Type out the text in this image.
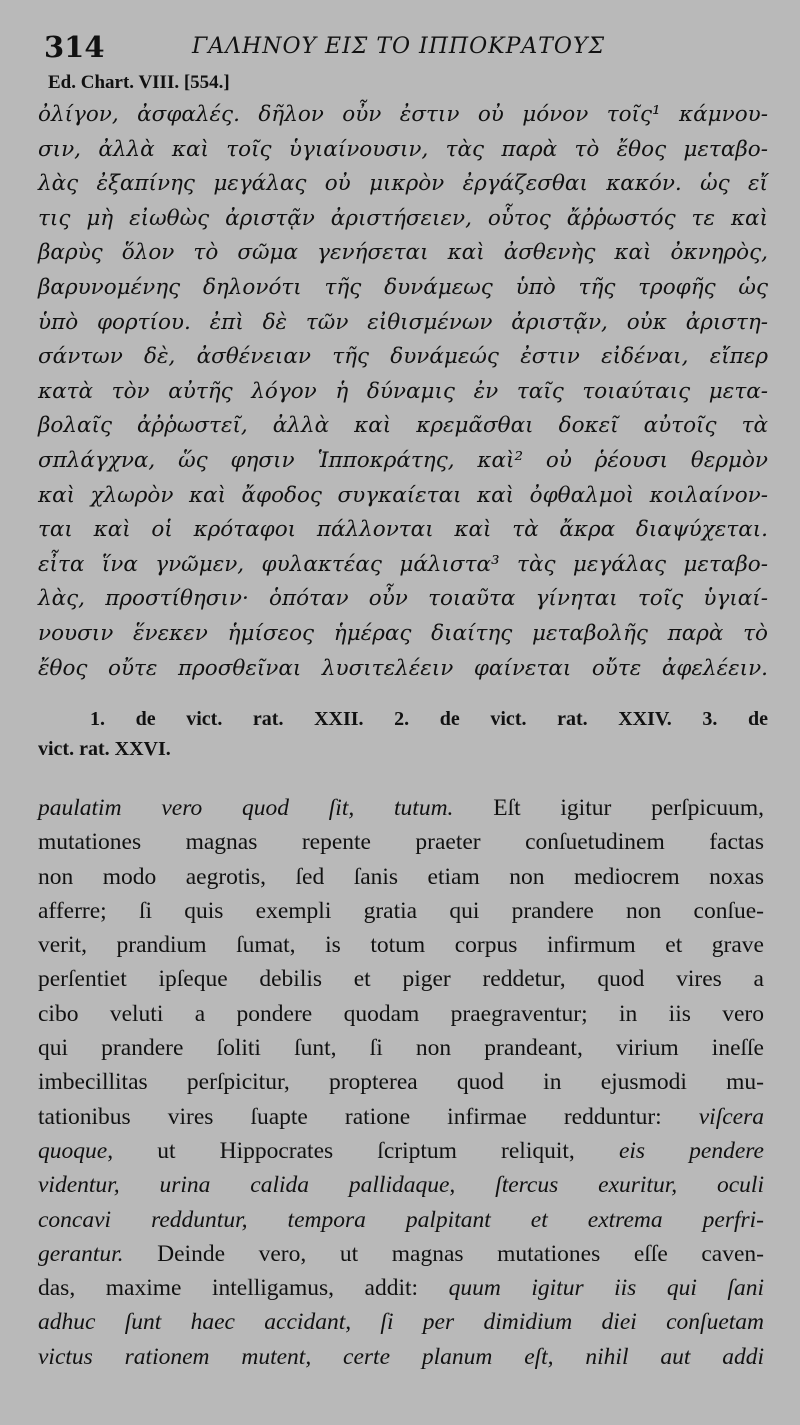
314	ΓΑΛΗΝΟΥ ΕΙΣ ΤΟ ΙΠΠΟΚΡΑΤΟΥΣ
Ed. Chart. VIII. [554.]
ὀλίγον, ἀσφαλές. δῆλον οὖν ἐστιν οὐ μόνον τοῖς¹ κάμνου-
σιν, ἀλλὰ καὶ τοῖς ὑγιαίνουσιν, τὰς παρὰ τὸ ἔθος μεταβο-
λὰς ἐξαπίνης μεγάλας οὐ μικρὸν ἐργάζεσθαι κακόν. ὡς εἴ
τις μὴ εἰωθὼς ἀριστᾷν ἀριστήσειεν, οὗτος ἄῤῥωστός τε καὶ
βαρὺς ὅλον τὸ σῶμα γενήσεται καὶ ἀσθενὴς καὶ ὀκνηρὸς,
βαρυνομένης δηλονότι τῆς δυνάμεως ὑπὸ τῆς τροφῆς ὡς
ὑπὸ φορτίου. ἐπὶ δὲ τῶν εἰθισμένων ἀριστᾷν, οὐκ ἀριστη-
σάντων δὲ, ἀσθένειαν τῆς δυνάμεώς ἐστιν εἰδέναι, εἴπερ
κατὰ τὸν αὐτῆς λόγον ἡ δύναμις ἐν ταῖς τοιαύταις μετα-
βολαῖς ἀῤῥωστεῖ, ἀλλὰ καὶ κρεμᾶσθαι δοκεῖ αὐτοῖς τὰ
σπλάγχνα, ὥς φησιν Ἱπποκράτης, καὶ² οὐ ῥέουσι θερμὸν
καὶ χλωρὸν καὶ ἄφοδος συγκαίεται καὶ ὀφθαλμοὶ κοιλαίνον-
ται καὶ οἱ κρόταφοι πάλλονται καὶ τὰ ἄκρα διαψύχεται.
εἶτα ἵνα γνῶμεν, φυλακτέας μάλιστα³ τὰς μεγάλας μεταβο-
λὰς, προστίθησιν· ὁπόταν οὖν τοιαῦτα γίνηται τοῖς ὑγιαί-
νουσιν ἕνεκεν ἡμίσεος ἡμέρας διαίτης μεταβολῆς παρὰ τὸ
ἔθος οὔτε προσθεῖναι λυσιτελέειν φαίνεται οὔτε ἀφελέειν.
1. de vict. rat. XXII. 2. de vict. rat. XXIV. 3. de
vict. rat. XXVI.
paulatim vero quod ſit, tutum. Eſt igitur perſpicuum,
mutationes magnas repente praeter conſuetudinem factas
non modo aegrotis, ſed ſanis etiam non mediocrem noxas
afferre; ſi quis exempli gratia qui prandere non conſue-
verit, prandium ſumat, is totum corpus infirmum et grave
perſentiet ipſeque debilis et piger reddetur, quod vires a
cibo veluti a pondere quodam praegraventur; in iis vero
qui prandere ſoliti ſunt, ſi non prandeant, virium ineſſe
imbecillitas perſpicitur, propterea quod in ejusmodi mu-
tationibus vires ſuapte ratione infirmae redduntur: viſcera
quoque, ut Hippocrates ſcriptum reliquit, eis pendere
videntur, urina calida pallidaque, ſtercus exuritur, oculi
concavi redduntur, tempora palpitant et extrema perfri-
gerantur. Deinde vero, ut magnas mutationes eſſe caven-
das, maxime intelligamus, addit: quum igitur iis qui ſani
adhuc ſunt haec accidant, ſi per dimidium diei conſuetam
victus rationem mutent, certe planum eſt, nihil aut addi
